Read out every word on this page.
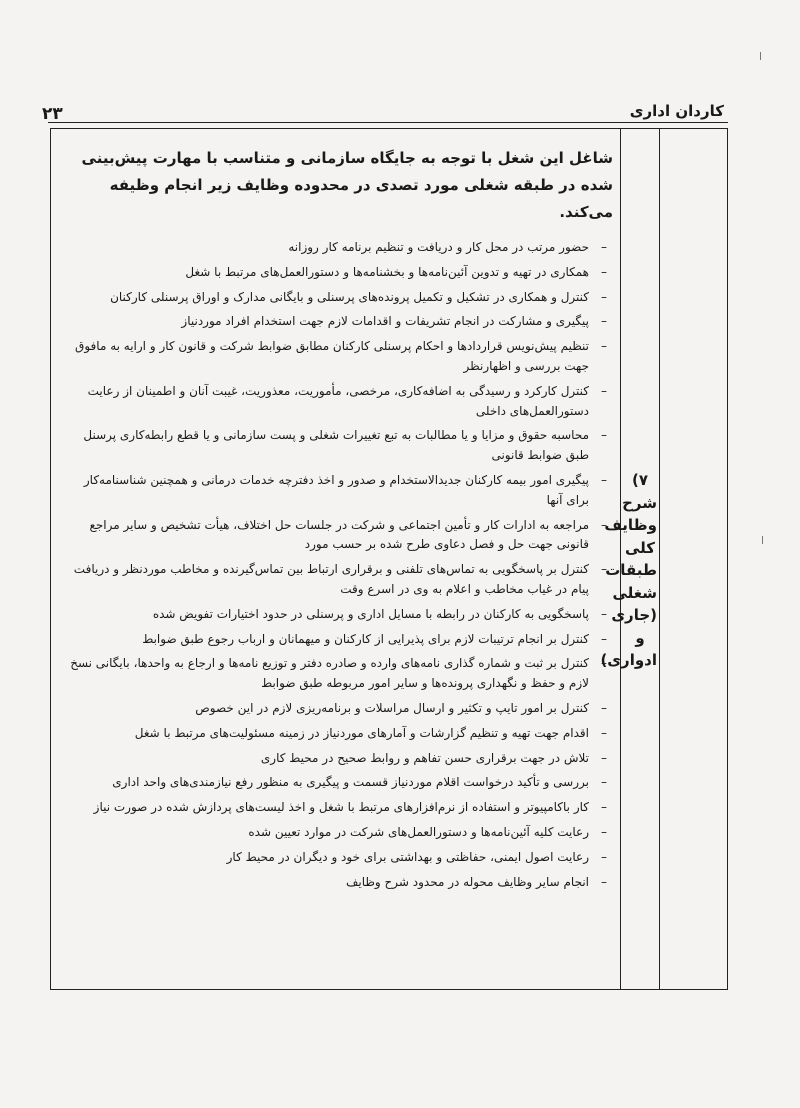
کاردان اداری
۲۳
۷) شرح وظایف کلی طبقات شغلی (جاری و ادواری)

شاغل این شغل با توجه به جایگاه سازمانی و متناسب با مهارت پیش‌بینی شده در طبقه شغلی مورد تصدی در محدوده وظایف زیر انجام وظیفه می‌کند.

– حضور مرتب در محل کار و دریافت و تنظیم برنامه کار روزانه
– همکاری در تهیه و تدوین آئین‌نامه‌ها و بخشنامه‌ها و دستورالعمل‌های مرتبط با شغل
– کنترل و همکاری در تشکیل و تکمیل پرونده‌های پرسنلی و بایگانی مدارک و اوراق پرسنلی کارکنان
– پیگیری و مشارکت در انجام تشریفات و اقدامات لازم جهت استخدام افراد موردنیاز
– تنظیم پیش‌نویس قراردادها و احکام پرسنلی کارکنان مطابق ضوابط شرکت و قانون کار و ارایه به مافوق جهت بررسی و اظهارنظر
– کنترل کارکرد و رسیدگی به اضافه‌کاری، مرخصی، مأموریت، معذوریت، غیبت آنان و اطمینان از رعایت دستورالعمل‌های داخلی
– محاسبه حقوق و مزایا و یا مطالبات به تبع تغییرات شغلی و پست سازمانی و یا قطع رابطه‌کاری پرسنل طبق ضوابط قانونی
– پیگیری امور بیمه کارکنان جدیدالاستخدام و صدور و اخذ دفترچه خدمات درمانی و همچنین شناسنامه‌کار برای آنها
– مراجعه به ادارات کار و تأمین اجتماعی و شرکت در جلسات حل اختلاف، هیأت تشخیص و سایر مراجع قانونی جهت حل و فصل دعاوی طرح شده بر حسب مورد
– کنترل بر پاسخگویی به تماس‌های تلفنی و برقراری ارتباط بین تماس‌گیرنده و مخاطب موردنظر و دریافت پیام در غیاب مخاطب و اعلام به وی در اسرع وقت
– پاسخگویی به کارکنان در رابطه با مسایل اداری و پرسنلی در حدود اختیارات تفویض شده
– کنترل بر انجام ترتیبات لازم برای پذیرایی از کارکنان و میهمانان و ارباب رجوع طبق ضوابط
– کنترل بر ثبت و شماره گذاری نامه‌های وارده و صادره دفتر و توزیع نامه‌ها و ارجاع به واحدها، بایگانی نسخ لازم و حفظ و نگهداری پرونده‌ها و سایر امور مربوطه طبق ضوابط
– کنترل بر امور تایپ و تکثیر و ارسال مراسلات و برنامه‌ریزی لازم در این خصوص
– اقدام جهت تهیه و تنظیم گزارشات و آمارهای موردنیاز در زمینه مسئولیت‌های مرتبط با شغل
– تلاش در جهت برقراری حسن تفاهم و روابط صحیح در محیط کاری
– بررسی و تأکید درخواست اقلام موردنیاز قسمت و پیگیری به منظور رفع نیازمندی‌های واحد اداری
– کار باکامپیوتر و استفاده از نرم‌افزارهای مرتبط با شغل و اخذ لیست‌های پردازش شده در صورت نیاز
– رعایت کلیه آئین‌نامه‌ها و دستورالعمل‌های شرکت در موارد تعیین شده
– رعایت اصول ایمنی، حفاظتی و بهداشتی برای خود و دیگران در محیط کار
– انجام سایر وظایف محوله در محدود شرح وظایف
